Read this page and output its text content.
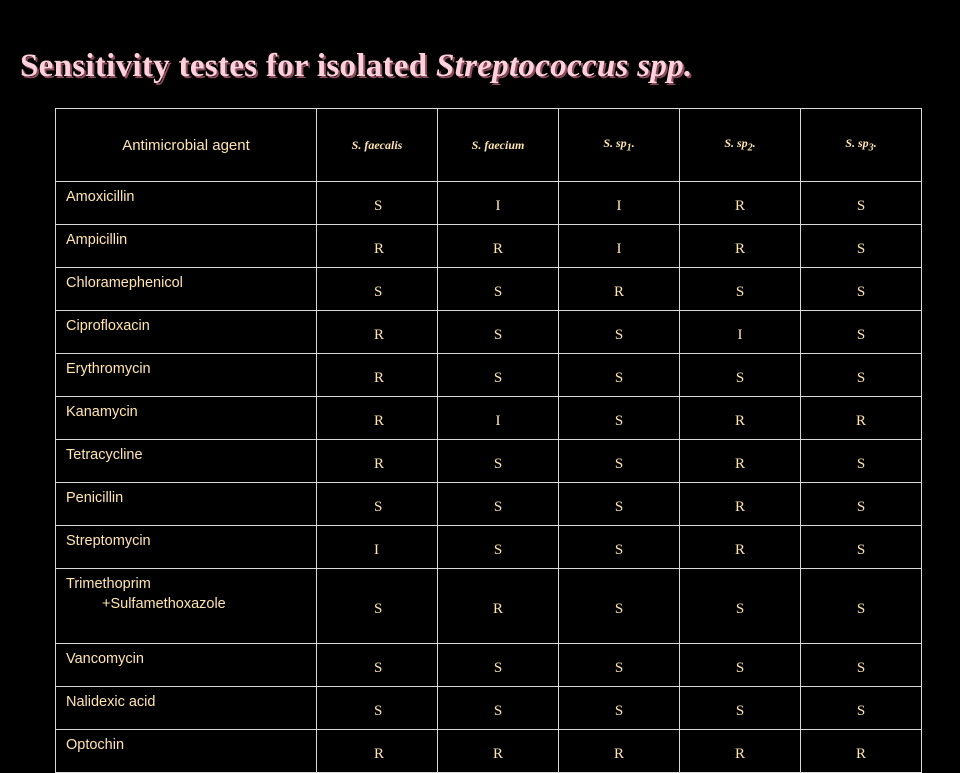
Sensitivity testes for isolated Streptococcus spp.
Antimicrobial agent	S. faecalis	S. faecium	S. $sp_1$.	S. $sp_2$.	S. $sp_3$.
Amoxicillin	S	I	I	R	S
Ampicillin	R	R	I	R	S
Chloramephenicol	S	S	R	S	S
Ciprofloxacin	R	S	S	I	S
Erythromycin	R	S	S	S	S
Kanamycin	R	I	S	R	R
Tetracycline	R	S	S	R	S
Penicillin	S	S	S	R	S
Streptomycin	I	S	S	R	S
Trimethoprim
+Sulfamethoxazole	S	R	S	S	S
Vancomycin	S	S	S	S	S
Nalidexic acid	S	S	S	S	S
Optochin	R	R	R	R	R
